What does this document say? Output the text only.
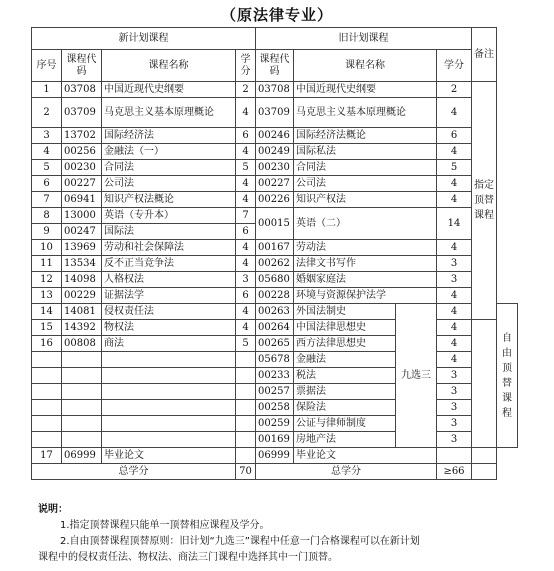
（原法律专业）
新计划课程				旧计划课程				备注	
序号	课程代码	课程名称	学分	课程代码	课程名称		学分		
1	03708	中国近现代史纲要	2	03708	中国近现代史纲要		2	指定顶替课程	
2	03709	马克思主义基本原理概论	4	03709	马克思主义基本原理概论		4		
3	13702	国际经济法	6	00246	国际经济法概论		6		
4	00256	金融法（一）	4	00249	国际私法		4		
5	00230	合同法	5	00230	合同法		5		
6	00227	公司法	4	00227	公司法		4		
7	06941	知识产权法概论	4	00226	知识产权法		4		
8	13000	英语（专升本）	7	00015	英语（二）		14		
9	00247	国际法	6						
10	13969	劳动和社会保障法	4	00167	劳动法		4		
11	13534	反不正当竞争法	4	00262	法律文书写作		3		
12	14098	人格权法	3	05680	婚姻家庭法		3		
13	00229	证据法学	6	00228	环境与资源保护法学		4		
14	14081	侵权责任法	4	00263	外国法制史	九选三	4		自由顶替课程
15	14392	物权法	4	00264	中国法律思想史		4		
16	00808	商法	5	00265	西方法律思想史		4		
				05678	金融法		4		
				00233	税法		3		
				00257	票据法		3		
				00258	保险法		3		
				00259	公证与律师制度		3		
				00169	房地产法		3		
17	06999	毕业论文		06999	毕业论文				
总学分			70	总学分			≥66		
说明：
1.指定顶替课程只能单一顶替相应课程及学分。
2.自由顶替课程顶替原则：旧计划“九选三”课程中任意一门合格课程可以在新计划
课程中的侵权责任法、物权法、商法三门课程中选择其中一门顶替。
